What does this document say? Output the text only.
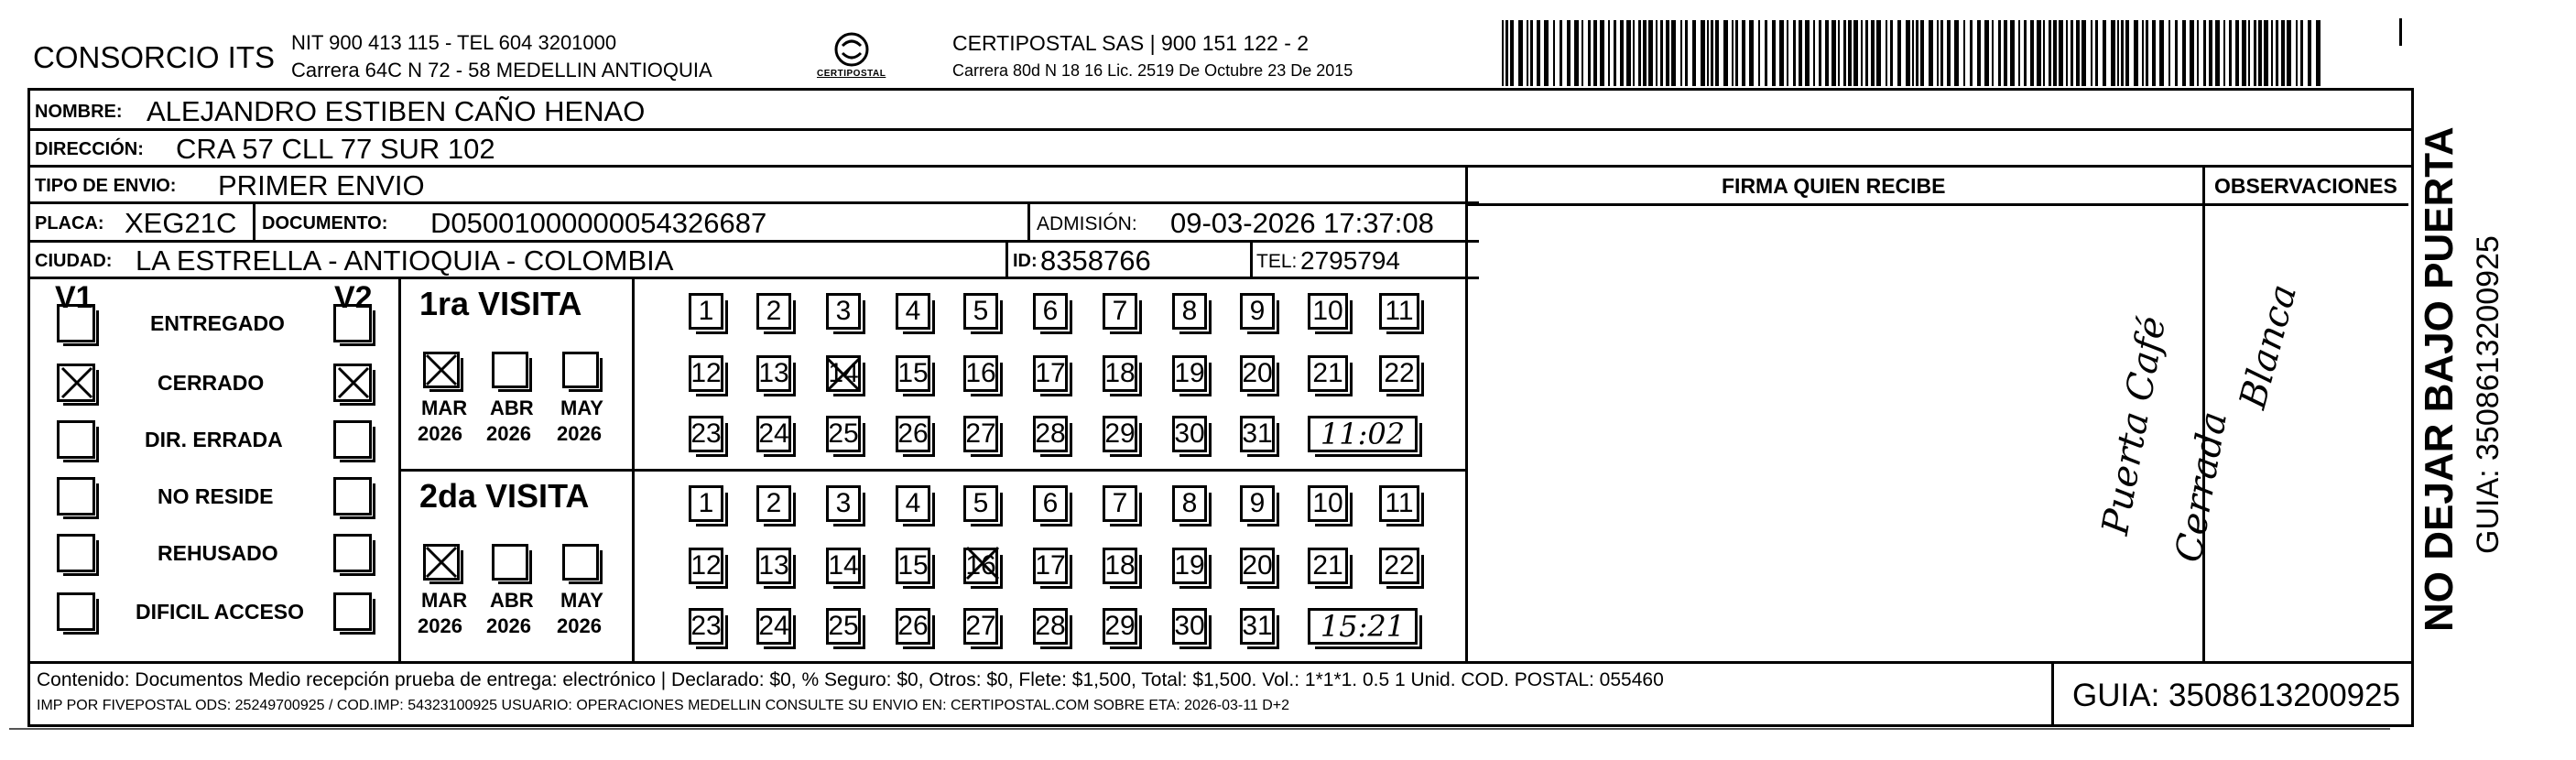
CONSORCIO ITS NIT 900 413 115 - TEL 604 3201000
Carrera 64C N 72 - 58 MEDELLIN ANTIOQUIA	CERTIPOSTAL
CERTIPOSTAL SAS | 900 151 122 - 2
Carrera 80d N 18 16 Lic. 2519 De Octubre 23 De 2015
NOMBRE: ALEJANDRO ESTIBEN CAÑO HENAO
DIRECCIÓN: CRA 57 CLL 77 SUR 102
TIPO DE ENVIO: PRIMER ENVIO
PLACA: XEG21C DOCUMENTO: D05001000000054326687	ADMISIÓN: 09-03-2026 17:37:08
CIUDAD: LA ESTRELLA - ANTIOQUIA - COLOMBIA	ID: 8358766	TEL: 2795794
FIRMA QUIEN RECIBE	OBSERVACIONES
Puerta Café
Cerrada
Blanca
Contenido: Documentos Medio recepción prueba de entrega: electrónico | Declarado: $0, % Seguro: $0, Otros: $0, Flete: $1,500, Total: $1,500. Vol.: 1*1*1. 0.5 1 Unid. COD. POSTAL: 055460
IMP POR FIVEPOSTAL ODS: 25249700925 / COD.IMP: 54323100925 USUARIO: OPERACIONES MEDELLIN CONSULTE SU ENVIO EN: CERTIPOSTAL.COM SOBRE ETA: 2026-03-11 D+2	GUIA: 3508613200925
V1	V2	NO DEJAR BAJO PUERTA GUIA: 3508613200925
ENTREGADO
CERRADO
DIR. ERRADA
NO RESIDE
REHUSADO
DIFICIL ACCESO
1ra VISITA
MAR
2026
ABR
2026
MAY
2026
1	2	3	4	5	6	7	8	9	10 11
12 13 14 15 16 17 18 19 20 21 22
23 24 25 26 27 28 29 30 31	11:02
2da VISITA
MAR
2026
ABR
2026
MAY
2026
1	2	3	4	5	6	7	8	9	10 11
12 13 14 15 16 17 18 19 20 21 22
23 24 25 26 27 28 29 30 31	15:21
